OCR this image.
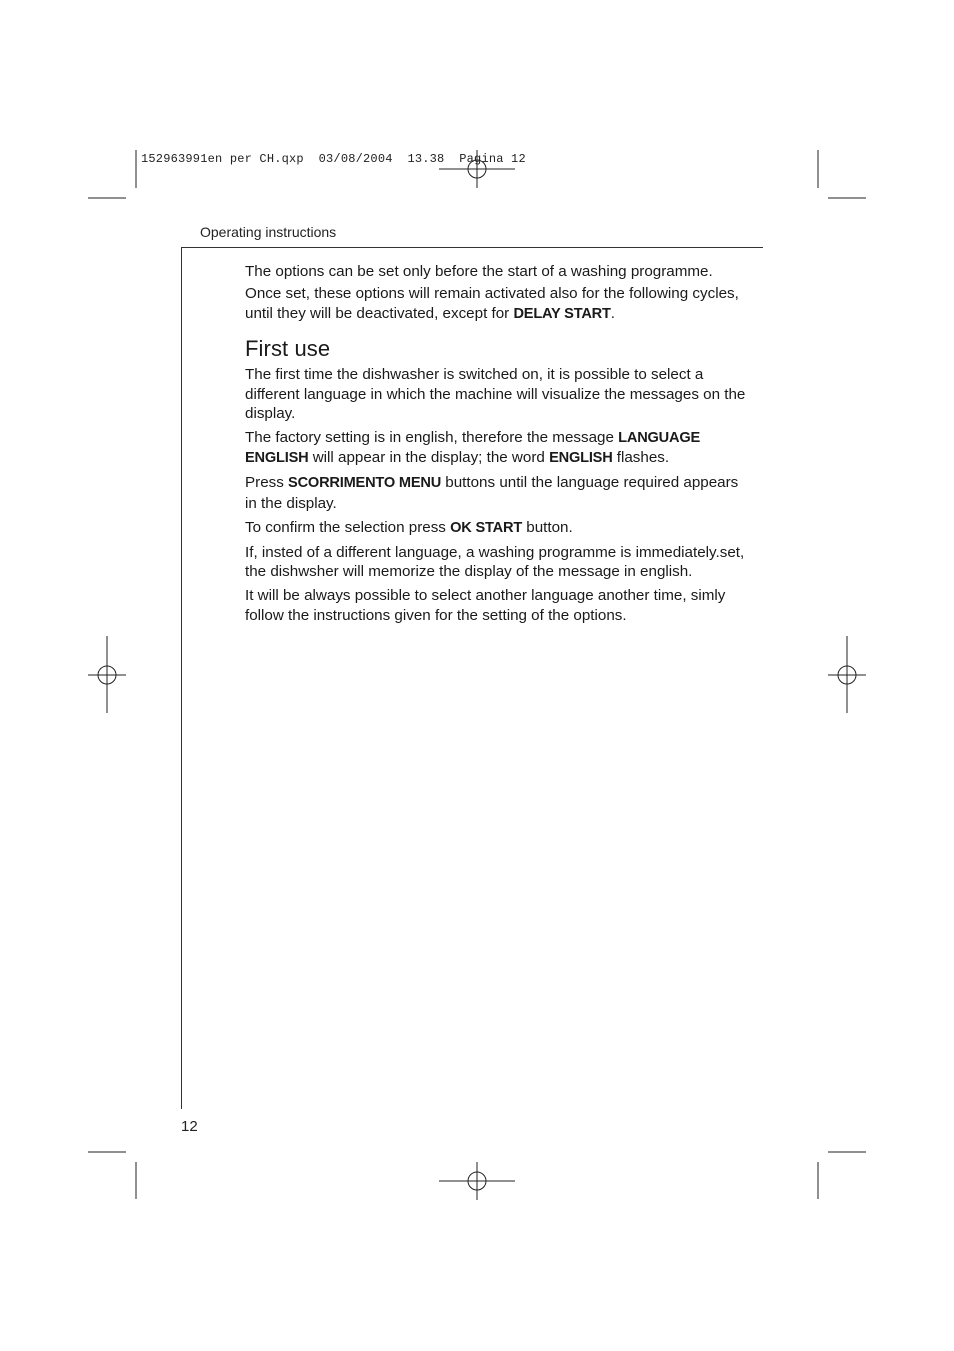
152963991en per CH.qxp  03/08/2004  13.38  Pagina 12
Operating instructions

The options can be set only before the start of a washing programme.

Once set, these options will remain activated also for the following cycles, until they will be deactivated, except for DELAY START.

First use

The first time the dishwasher is switched on, it is possible to select a different language in which the machine will visualize the messages on the display.

The factory setting is in english, therefore the message LANGUAGE ENGLISH will appear in the display; the word ENGLISH flashes.

Press SCORRIMENTO MENU buttons until the language required appears in the display.

To confirm the selection press OK START button.

If, insted of a different language, a washing programme is immediately.set, the dishwsher will memorize the display of the message in english.

It will be always possible to select another language another time, simly follow the instructions given for the setting of the options.

12
